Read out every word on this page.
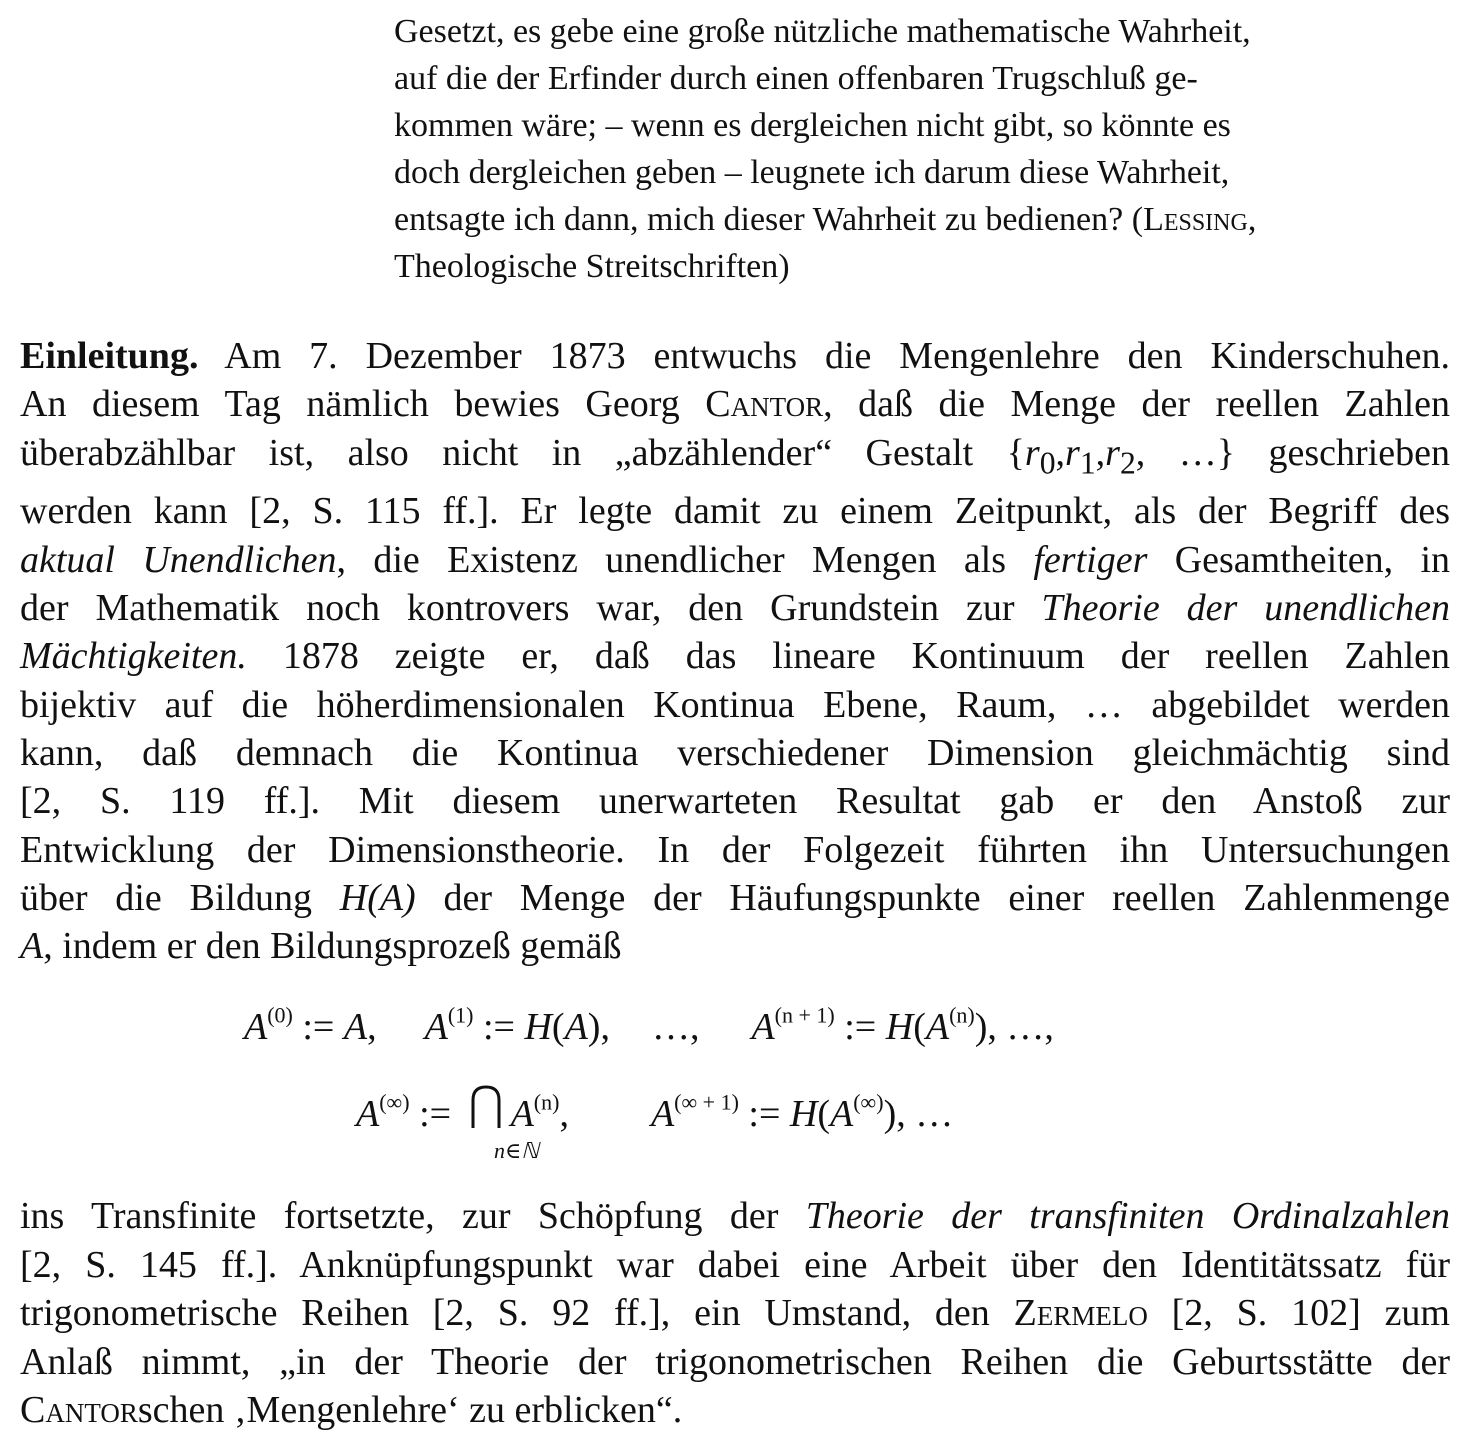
Gesetzt, es gebe eine große nützliche mathematische Wahrheit,
auf die der Erfinder durch einen offenbaren Trugschluß ge-
kommen wäre; – wenn es dergleichen nicht gibt, so könnte es
doch dergleichen geben – leugnete ich darum diese Wahrheit,
entsagte ich dann, mich dieser Wahrheit zu bedienen? (Lessing,
Theologische Streitschriften)
Einleitung. Am 7. Dezember 1873 entwuchs die Mengenlehre den Kinderschuhen.
An diesem Tag nämlich bewies Georg Cantor, daß die Menge der reellen Zahlen
überabzählbar ist, also nicht in „abzählender“ Gestalt {$r_0,r_1,r_2$, …} geschrieben
werden kann [2, S. 115 ff.]. Er legte damit zu einem Zeitpunkt, als der Begriff des
aktual Unendlichen, die Existenz unendlicher Mengen als fertiger Gesamtheiten, in
der Mathematik noch kontrovers war, den Grundstein zur Theorie der unendlichen
Mächtigkeiten. 1878 zeigte er, daß das lineare Kontinuum der reellen Zahlen
bijektiv auf die höherdimensionalen Kontinua Ebene, Raum, … abgebildet werden
kann, daß demnach die Kontinua verschiedener Dimension gleichmächtig sind
[2, S. 119 ff.]. Mit diesem unerwarteten Resultat gab er den Anstoß zur
Entwicklung der Dimensionstheorie. In der Folgezeit führten ihn Untersuchungen
über die Bildung H(A) der Menge der Häufungspunkte einer reellen Zahlenmenge
A, indem er den Bildungsprozeß gemäß
$A^{(0)}$ := A, $A^{(1)}$ := H(A), …, $A^{(n + 1)}$ := $H(A^{(n)})$, …,
A(∞) := $A^{(n)}$, $A^{(\infty + 1)}$ := H(A(∞)), …
n∈ℕ
ins Transfinite fortsetzte, zur Schöpfung der Theorie der transfiniten Ordinalzahlen
[2, S. 145 ff.]. Anknüpfungspunkt war dabei eine Arbeit über den Identitätssatz für
trigonometrische Reihen [2, S. 92 ff.], ein Umstand, den Zermelo [2, S. 102] zum
Anlaß nimmt, „in der Theorie der trigonometrischen Reihen die Geburtsstätte der
Cantorschen ‚Mengenlehre‘ zu erblicken“.
